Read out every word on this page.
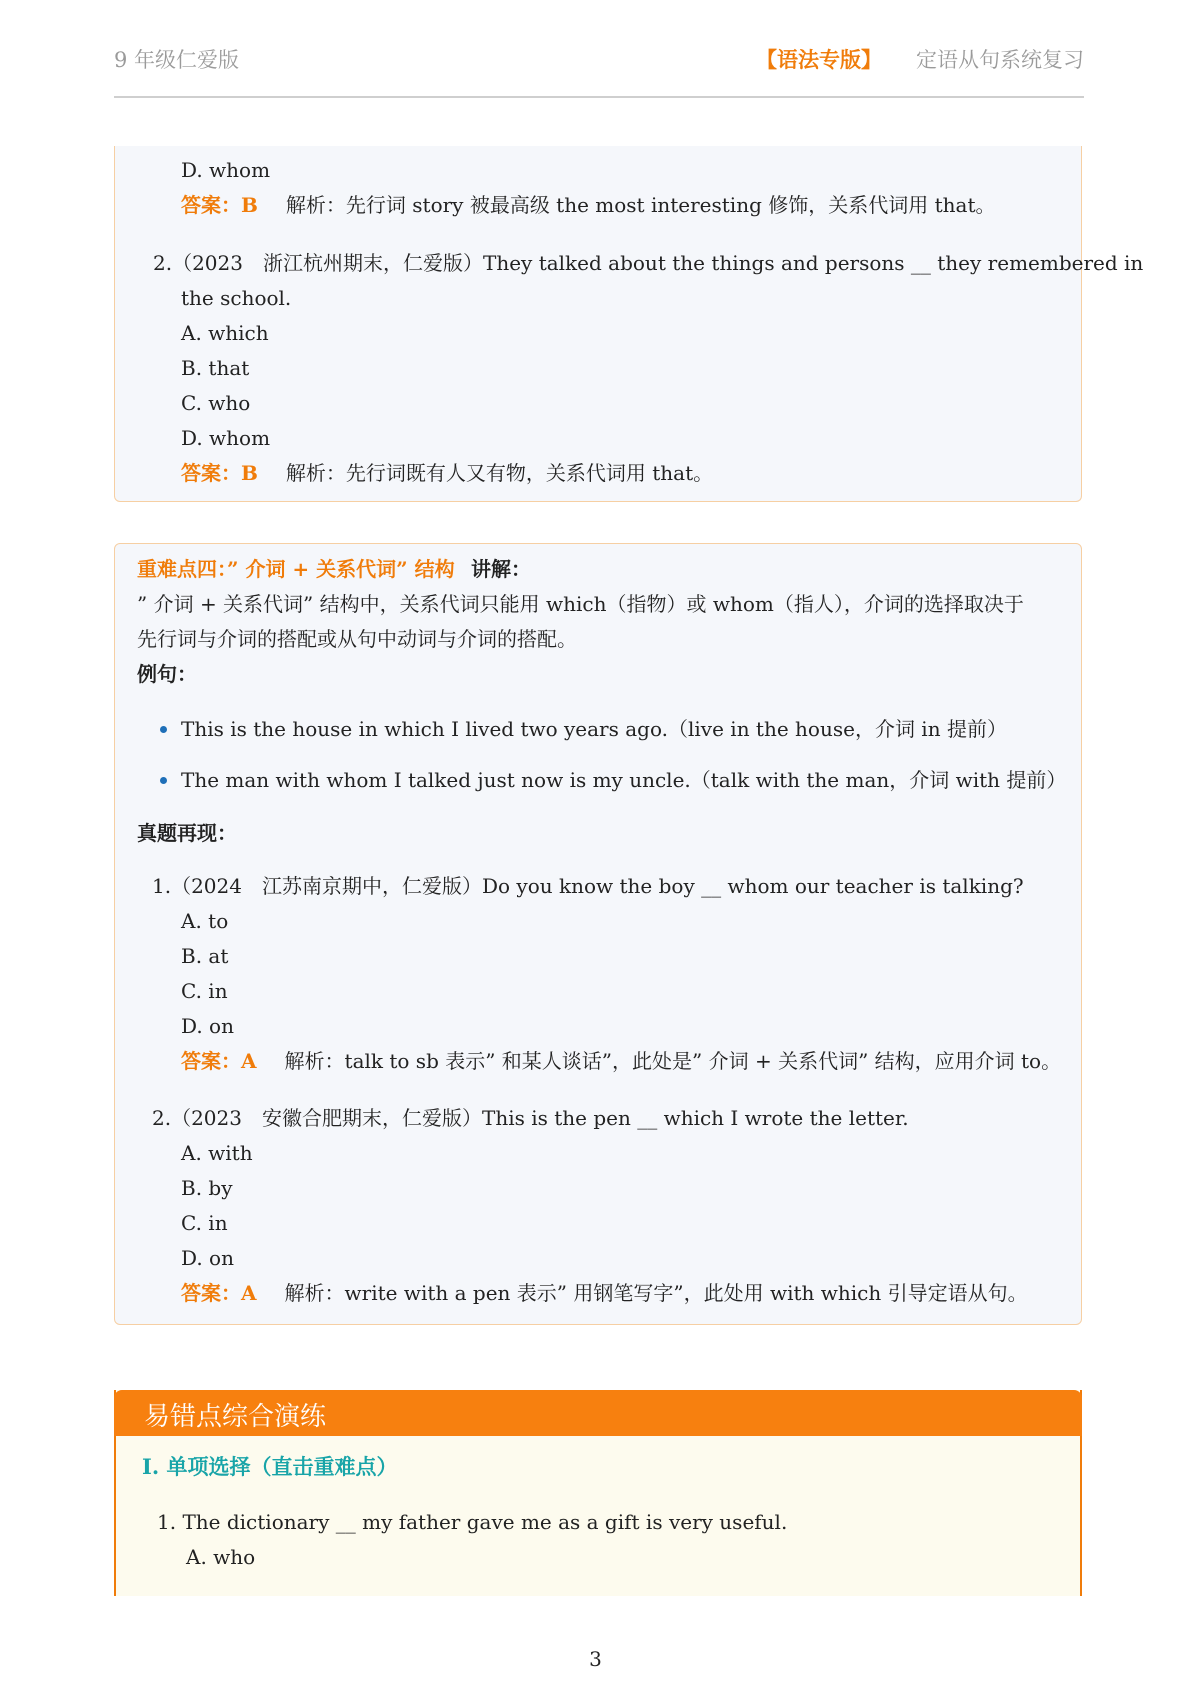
9 年级仁爱版	【语法专版】 定语从句系统复习
D. whom
答案：B 解析：先行词 story 被最高级 the most interesting 修饰，关系代词用 that。
2.（2023　浙江杭州期末，仁爱版）They talked about the things and persons __ they remembered in
the school.
A. which
B. that
C. who
D. whom
答案：B 解析：先行词既有人又有物，关系代词用 that。
重难点四：” 介词 + 关系代词” 结构 讲解：
” 介词 + 关系代词” 结构中，关系代词只能用 which（指物）或 whom（指人），介词的选择取决于
先行词与介词的搭配或从句中动词与介词的搭配。
例句：
This is the house in which I lived two years ago.（live in the house，介词 in 提前）
The man with whom I talked just now is my uncle.（talk with the man，介词 with 提前）
真题再现：
1.（2024　江苏南京期中，仁爱版）Do you know the boy __ whom our teacher is talking?
A. to
B. at
C. in
D. on
答案：A 解析：talk to sb 表示” 和某人谈话”，此处是” 介词 + 关系代词” 结构，应用介词 to。
2.（2023　安徽合肥期末，仁爱版）This is the pen __ which I wrote the letter.
A. with
B. by
C. in
D. on
答案：A 解析：write with a pen 表示” 用钢笔写字”，此处用 with which 引导定语从句。
易错点综合演练
I. 单项选择（直击重难点）
1. The dictionary __ my father gave me as a gift is very useful.
A. who
3
